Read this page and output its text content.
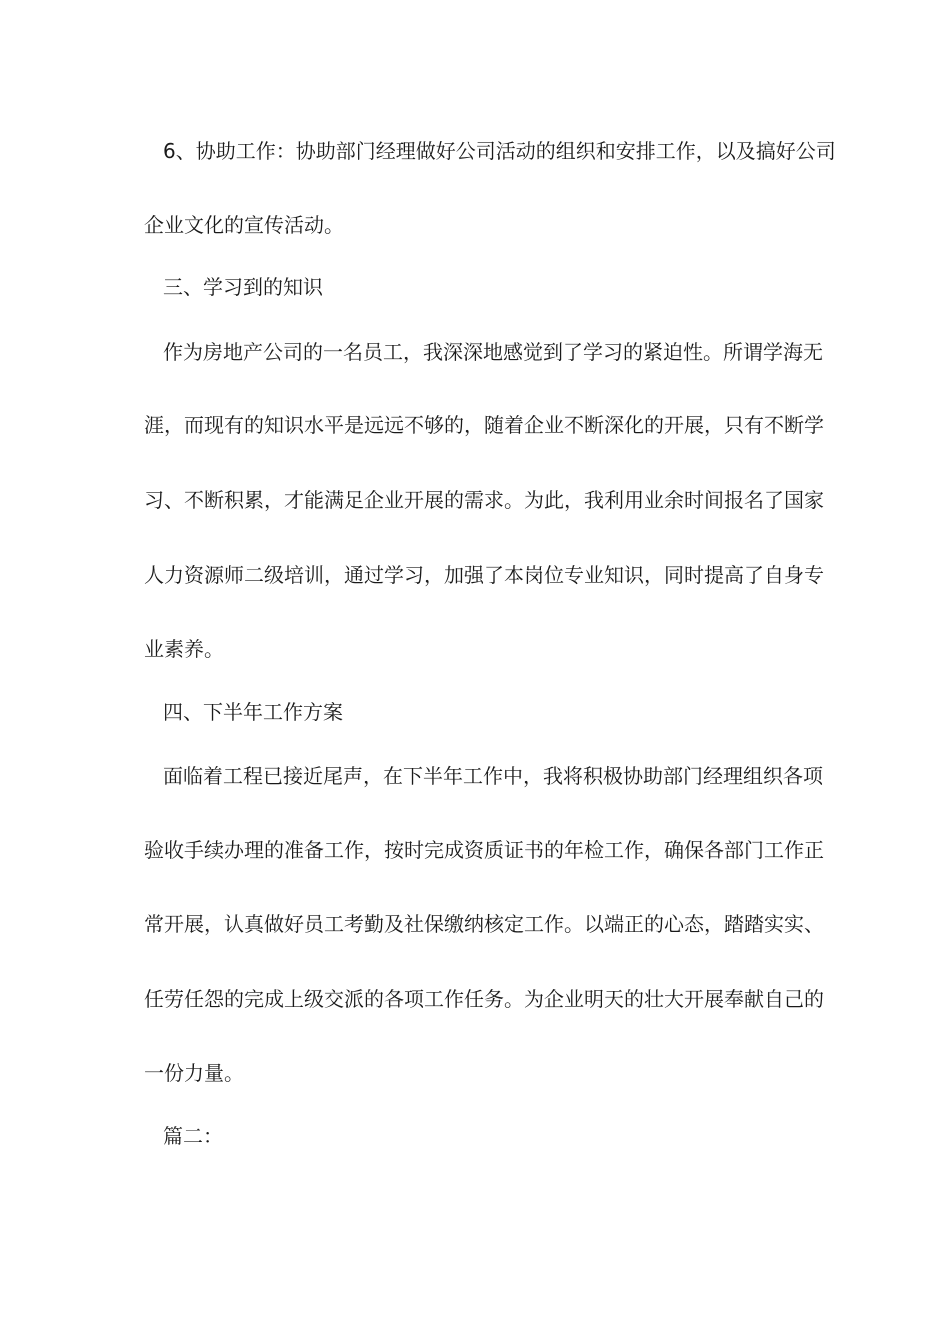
6、协助工作：协助部门经理做好公司活动的组织和安排工作，以及搞好公司
企业文化的宣传活动。
三、学习到的知识
作为房地产公司的一名员工，我深深地感觉到了学习的紧迫性。所谓学海无
涯，而现有的知识水平是远远不够的，随着企业不断深化的开展，只有不断学
习、不断积累，才能满足企业开展的需求。为此，我利用业余时间报名了国家
人力资源师二级培训，通过学习，加强了本岗位专业知识，同时提高了自身专
业素养。
四、下半年工作方案
面临着工程已接近尾声，在下半年工作中，我将积极协助部门经理组织各项
验收手续办理的准备工作，按时完成资质证书的年检工作，确保各部门工作正
常开展，认真做好员工考勤及社保缴纳核定工作。以端正的心态，踏踏实实、
任劳任怨的完成上级交派的各项工作任务。为企业明天的壮大开展奉献自己的
一份力量。
篇二：
